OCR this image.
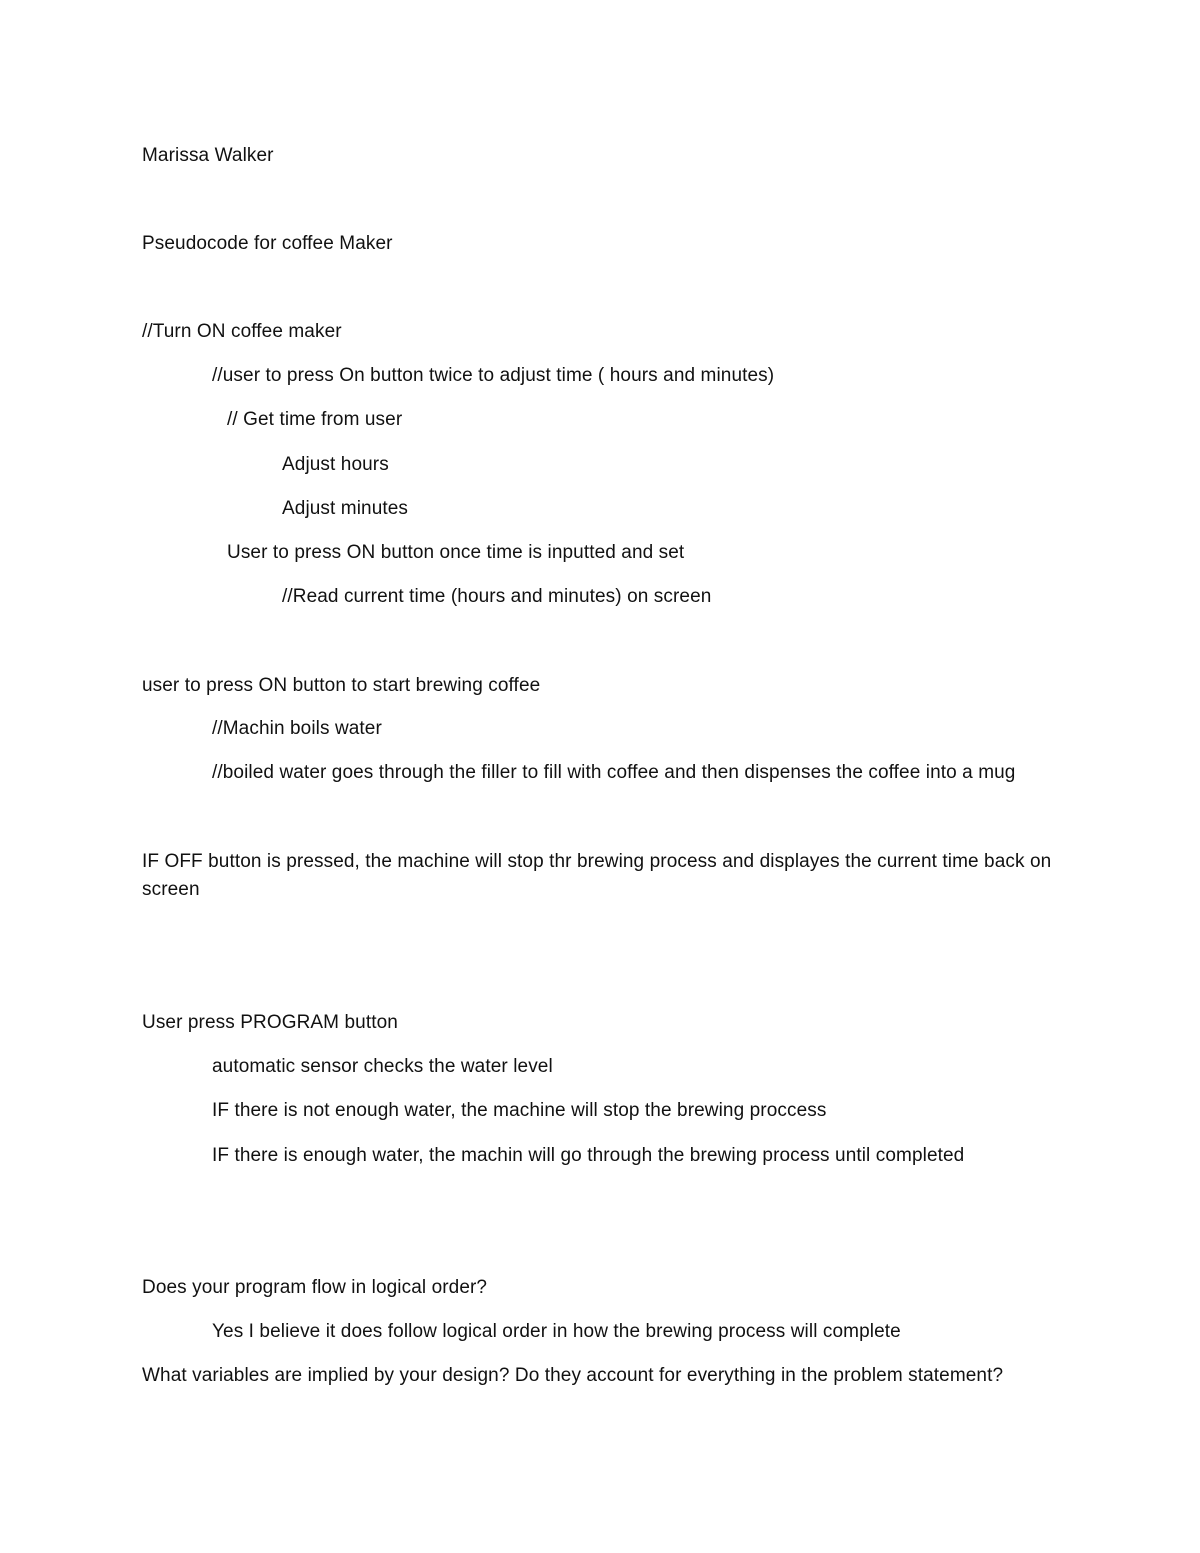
Marissa Walker
Pseudocode for coffee Maker
//Turn ON coffee maker
//user to press On button twice to adjust time ( hours and minutes)
// Get time from user
Adjust hours
Adjust minutes
User to press ON button once time is inputted and set
//Read current time (hours and minutes) on screen
user to press ON button to start brewing coffee
//Machin boils water
//boiled water goes through the filler to fill with coffee and then dispenses the coffee into a mug
IF OFF button is pressed, the machine will stop thr brewing process and displayes the current time back on screen
User press PROGRAM button
automatic sensor checks the water level
IF there is not enough water, the machine will stop the brewing proccess
IF there is enough water, the machin will go through the brewing process until completed
Does your program flow in logical order?
Yes I believe it does follow logical order in how the brewing process will complete
What variables are implied by your design? Do they account for everything in the problem statement?
